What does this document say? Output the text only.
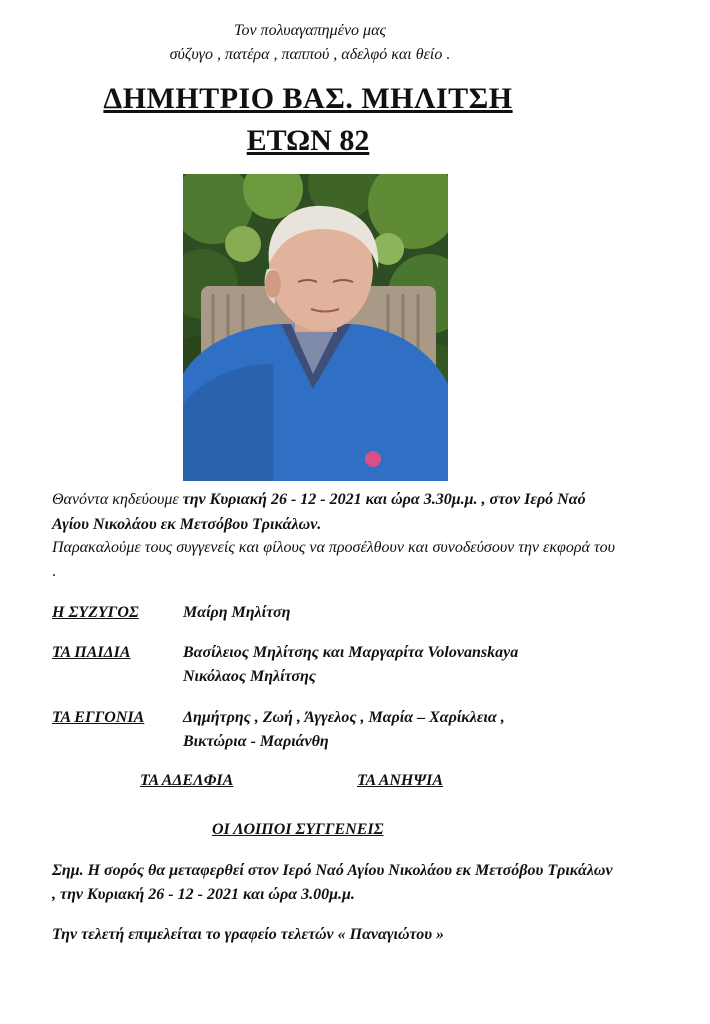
Τον πολυαγαπημένο μας
σύζυγο , πατέρα , παππού , αδελφό και θείο .
ΔΗΜΗΤΡΙΟ ΒΑΣ. ΜΗΛΙΤΣΗ
ΕΤΩΝ 82
Θανόντα κηδεύουμε την Κυριακή 26 - 12 - 2021 και ώρα 3.30μ.μ. , στον Ιερό Ναό
Αγίου Νικολάου εκ Μετσόβου Τρικάλων.
Παρακαλούμε τους συγγενείς και φίλους να προσέλθουν και συνοδεύσουν την εκφορά του
.
Η ΣΥΖΥΓΟΣ	Μαίρη Μηλίτση
ΤΑ ΠΑΙΔΙΑ	Βασίλειος Μηλίτσης και Μαργαρίτα Volovanskaya
Νικόλαος Μηλίτσης
ΤΑ ΕΓΓΟΝΙΑ Δημήτρης , Ζωή , Άγγελος , Μαρία – Χαρίκλεια ,
Βικτώρια - Μαριάνθη
ΤΑ ΑΔΕΛΦΙΑ	ΤΑ ΑΝΗΨΙΑ
ΟΙ ΛΟΙΠΟΙ ΣΥΓΓΕΝΕΙΣ
Σημ. Η σορός θα μεταφερθεί στον Ιερό Ναό Αγίου Νικολάου εκ Μετσόβου Τρικάλων
, την Κυριακή 26 - 12 - 2021 και ώρα 3.00μ.μ.
Την τελετή επιμελείται το γραφείο τελετών « Παναγιώτου »
